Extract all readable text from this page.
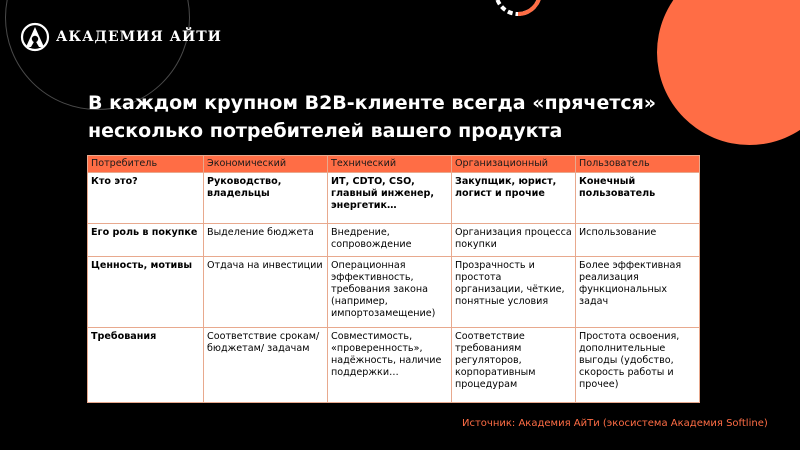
АКАДЕМИЯ АЙТИ
В каждом крупном B2B-клиенте всегда «прячется» несколько потребителей вашего продукта
Потребитель	Экономический	Технический	Организационный	Пользователь
Кто это?	Руководство, владельцы	ИТ, CDTO, CSO, главный инженер, энергетик…	Закупщик, юрист, логист и прочие	Конечный пользователь
Его роль в покупке	Выделение бюджета	Внедрение, сопровождение	Организация процесса покупки	Использование
Ценность, мотивы	Отдача на инвестиции	Операционная эффективность, требования закона (например, импортозамещение)	Прозрачность и простота организации, чёткие, понятные условия	Более эффективная реализация функциональных задач
Требования	Соответствие срокам/бюджетам/ задачам	Совместимость, «проверенность», надёжность, наличие поддержки…	Соответствие требованиям регуляторов, корпоративным процедурам	Простота освоения, дополнительные выгоды (удобство, скорость работы и прочее)
Источник: Академия АйТи (экосистема Академия Softline)
